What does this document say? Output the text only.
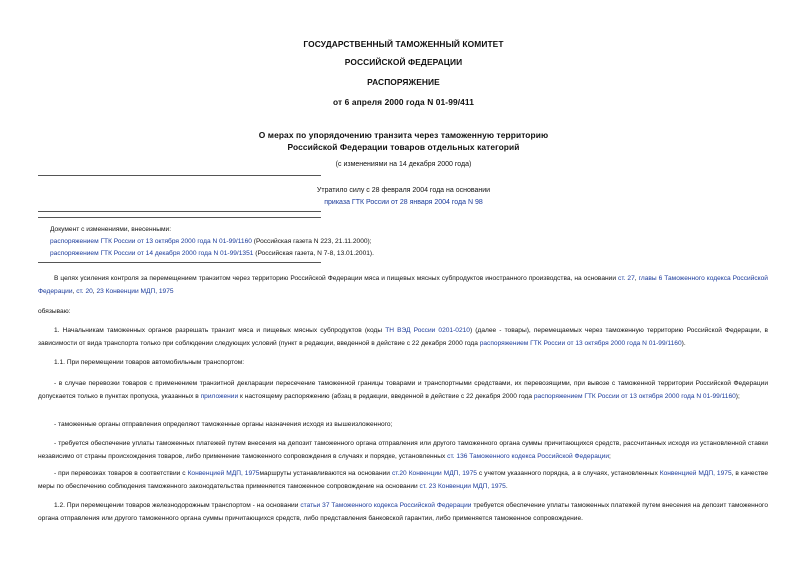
ГОСУДАРСТВЕННЫЙ ТАМОЖЕННЫЙ КОМИТЕТ
РОССИЙСКОЙ ФЕДЕРАЦИИ
РАСПОРЯЖЕНИЕ
от 6 апреля 2000 года N 01-99/411
О мерах по упорядочению транзита через таможенную территорию
Российской Федерации товаров отдельных категорий
(с изменениями на 14 декабря 2000 года)
Утратило силу с 28 февраля 2004 года на основании
приказа ГТК России от 28 января 2004 года N 98
Документ с изменениями, внесенными:
распоряжением ГТК России от 13 октября 2000 года N 01-99/1160 (Российская газета N 223, 21.11.2000);
распоряжением ГТК России от 14 декабря 2000 года N 01-99/1351 (Российская газета, N 7-8, 13.01.2001).
В целях усиления контроля за перемещением транзитом через территорию Российской Федерации мяса и пищевых мясных субпродуктов иностранного производства, на основании ст. 27, главы 6 Таможенного кодекса Российской Федерации, ст. 20, 23 Конвенции МДП, 1975
обязываю:
1. Начальникам таможенных органов разрешать транзит мяса и пищевых мясных субпродуктов (коды ТН ВЭД России 0201-0210) (далее - товары), перемещаемых через таможенную территорию Российской Федерации, в зависимости от вида транспорта только при соблюдении следующих условий (пункт в редакции, введенной в действие с 22 декабря 2000 года распоряжением ГТК России от 13 октября 2000 года N 01-99/1160).
1.1. При перемещении товаров автомобильным транспортом:
- в случае перевозки товаров с применением транзитной декларации пересечение таможенной границы товарами и транспортными средствами, их перевозящими, при вывозе с таможенной территории Российской Федерации допускается только в пунктах пропуска, указанных в приложении к настоящему распоряжению (абзац в редакции, введенной в действие с 22 декабря 2000 года распоряжением ГТК России от 13 октября 2000 года N 01-99/1160);
- таможенные органы отправления определяют таможенные органы назначения исходя из вышеизложенного;
- требуется обеспечение уплаты таможенных платежей путем внесения на депозит таможенного органа отправления или другого таможенного органа суммы причитающихся средств, рассчитанных исходя из установленной ставки независимо от страны происхождения товаров, либо применение таможенного сопровождения в случаях и порядке, установленных ст. 136 Таможенного кодекса Российской Федерации;
- при перевозках товаров в соответствии с Конвенцией МДП, 1975маршруты устанавливаются на основании ст.20 Конвенции МДП, 1975 с учетом указанного порядка, а в случаях, установленных Конвенцией МДП, 1975, в качестве меры по обеспечению соблюдения таможенного законодательства применяется таможенное сопровождение на основании ст. 23 Конвенции МДП, 1975.
1.2. При перемещении товаров железнодорожным транспортом - на основании статьи 37 Таможенного кодекса Российской Федерации требуется обеспечение уплаты таможенных платежей путем внесения на депозит таможенного органа отправления или другого таможенного органа суммы причитающихся средств, либо представления банковской гарантии, либо применяется таможенное сопровождение.
